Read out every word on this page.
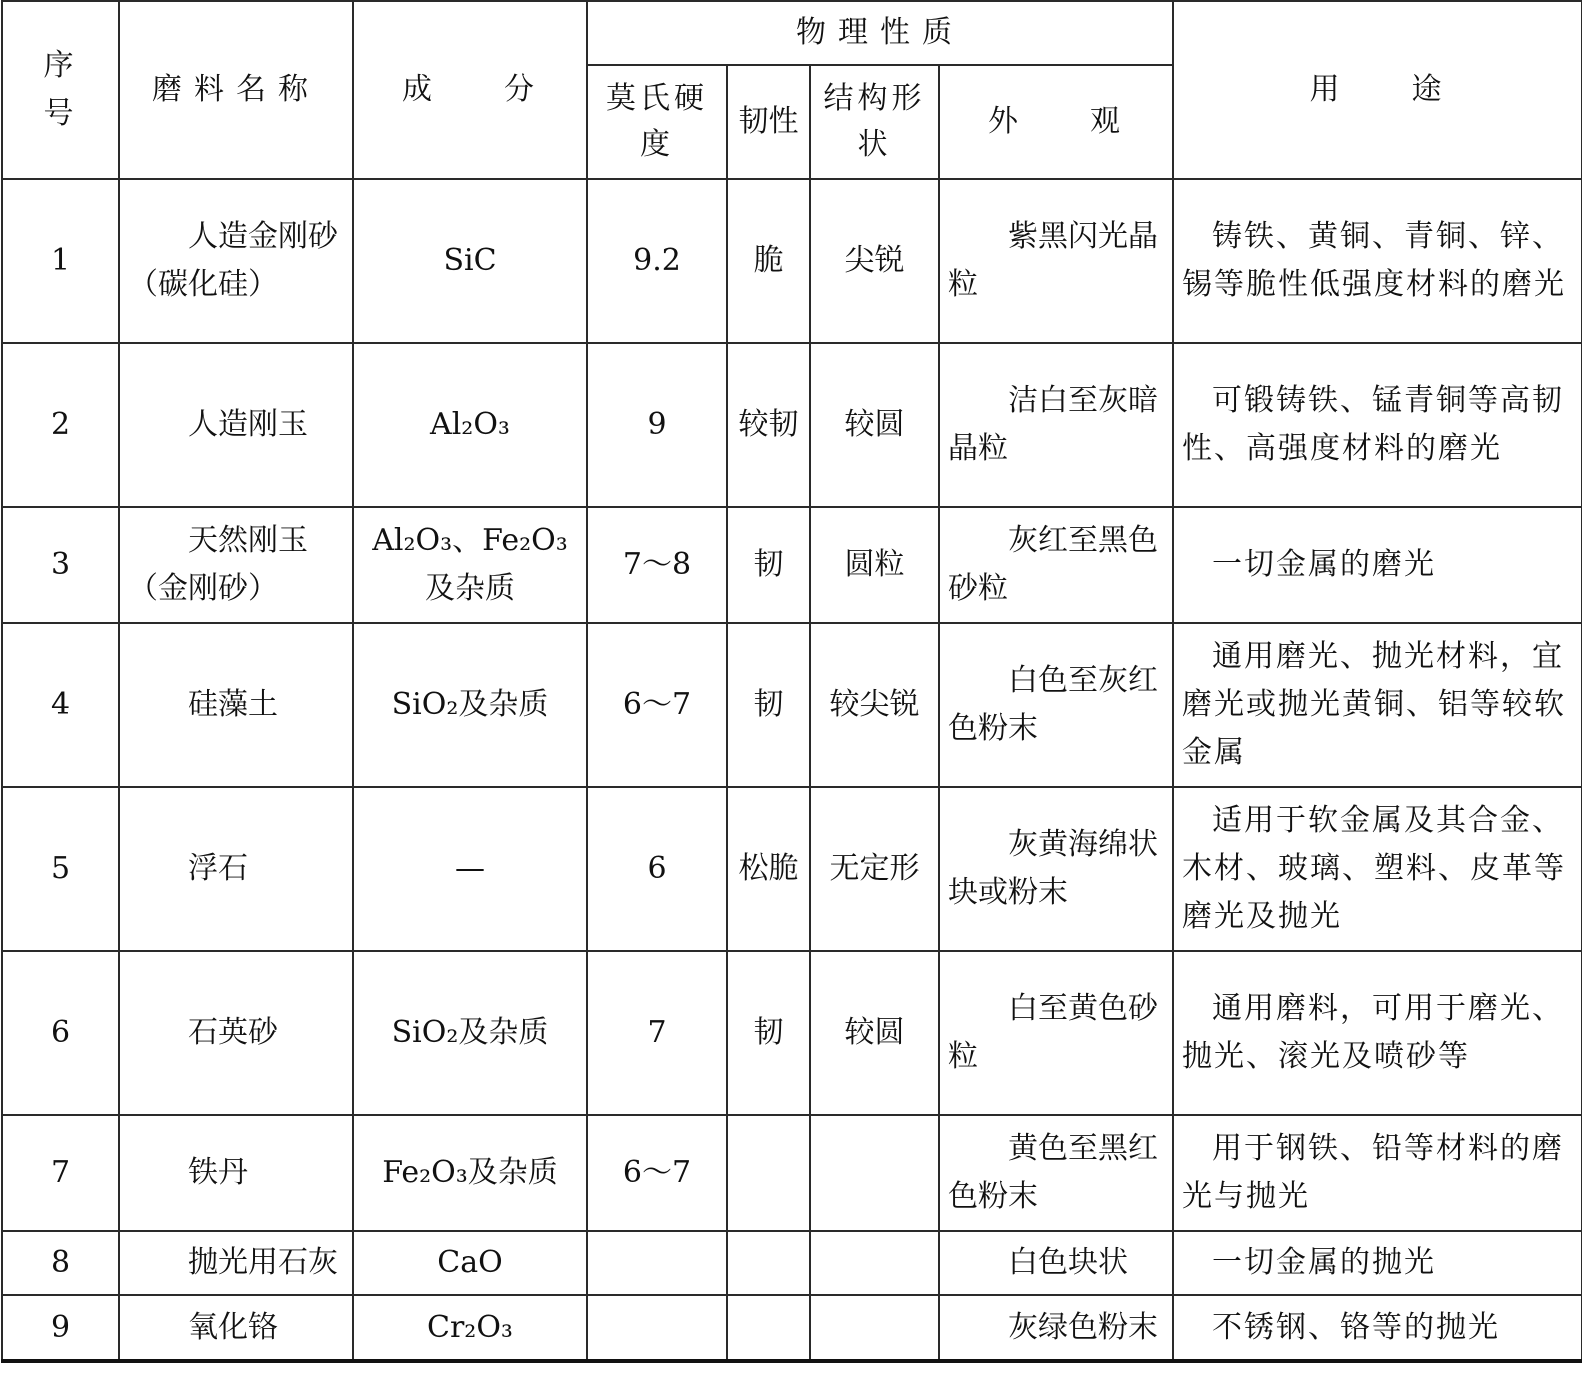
序　号	磨料名称	成　　分	物理性质				用　　途
			莫氏硬度	韧性	结构形状	外　　观	
1	人造金刚砂（碳化硅）	SiC	9.2	脆	尖锐	紫黑闪光晶粒	铸铁、黄铜、青铜、锌、锡等脆性低强度材料的磨光
2	人造刚玉	Al₂O₃	9	较韧	较圆	洁白至灰暗晶粒	可锻铸铁、锰青铜等高韧性、高强度材料的磨光
3	天然刚玉（金刚砂）	Al₂O₃、Fe₂O₃及杂质	7～8	韧	圆粒	灰红至黑色砂粒	一切金属的磨光
4	硅藻土	SiO₂及杂质	6～7	韧	较尖锐	白色至灰红色粉末	通用磨光、抛光材料，宜磨光或抛光黄铜、铝等较软金属
5	浮石	—	6	松脆	无定形	灰黄海绵状块或粉末	适用于软金属及其合金、木材、玻璃、塑料、皮革等磨光及抛光
6	石英砂	SiO₂及杂质	7	韧	较圆	白至黄色砂粒	通用磨料，可用于磨光、抛光、滚光及喷砂等
7	铁丹	Fe₂O₃及杂质	6～7			黄色至黑红色粉末	用于钢铁、铅等材料的磨光与抛光
8	抛光用石灰	CaO				白色块状	一切金属的抛光
9	氧化铬	Cr₂O₃				灰绿色粉末	不锈钢、铬等的抛光
